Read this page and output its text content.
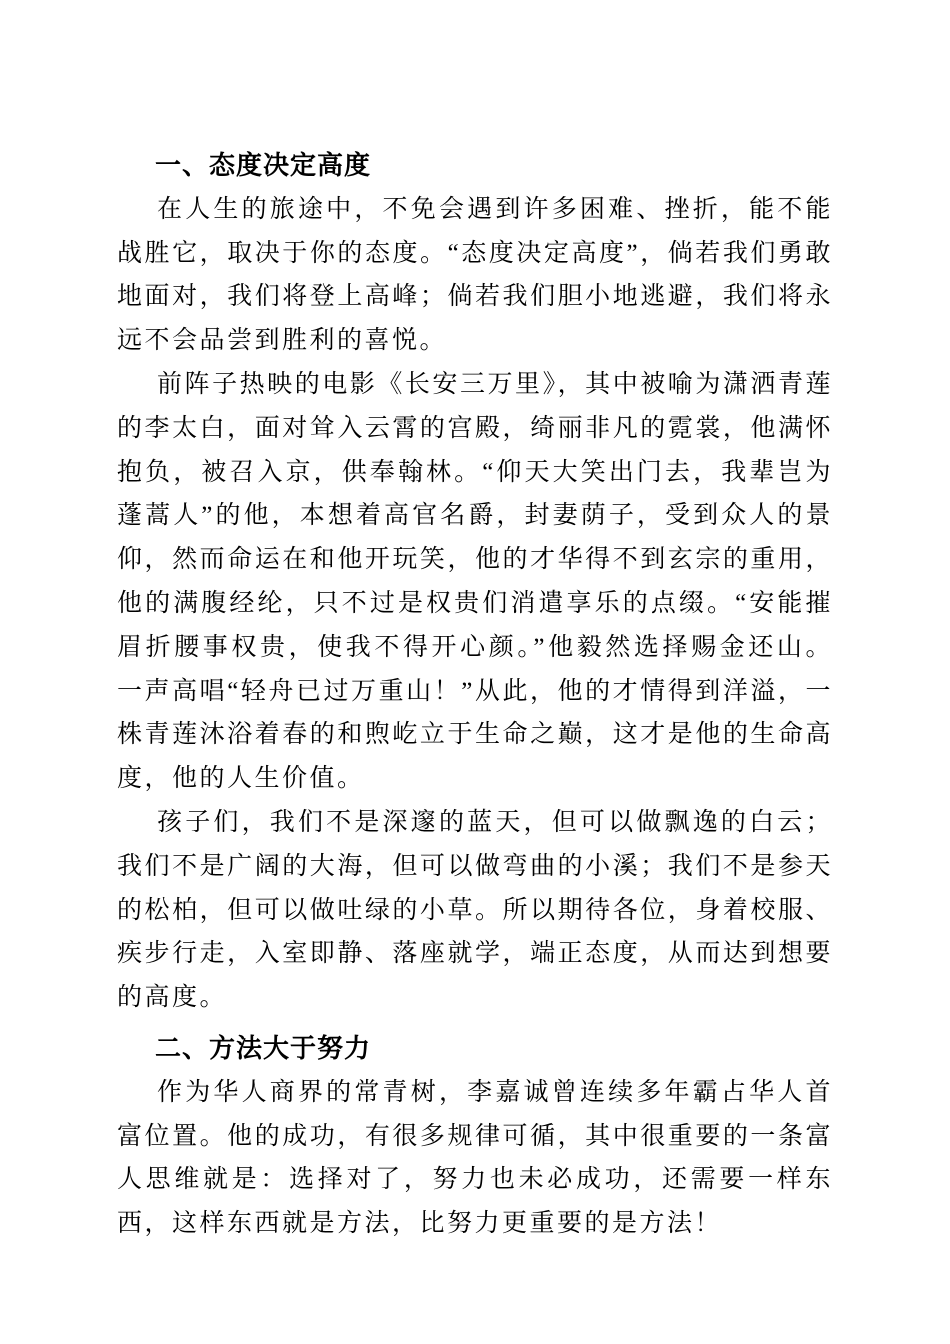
一、态度决定高度

在人生的旅途中，不免会遇到许多困难、挫折，能不能战胜它，取决于你的态度。“态度决定高度”，倘若我们勇敢地面对，我们将登上高峰；倘若我们胆小地逃避，我们将永远不会品尝到胜利的喜悦。

前阵子热映的电影《长安三万里》，其中被喻为潇洒青莲的李太白，面对耸入云霄的宫殿，绮丽非凡的霓裳，他满怀抱负，被召入京，供奉翰林。“仰天大笑出门去，我辈岂为蓬蒿人”的他，本想着高官名爵，封妻荫子，受到众人的景仰，然而命运在和他开玩笑，他的才华得不到玄宗的重用，他的满腹经纶，只不过是权贵们消遣享乐的点缀。“安能摧眉折腰事权贵，使我不得开心颜。”他毅然选择赐金还山。一声高唱“轻舟已过万重山！”从此，他的才情得到洋溢，一株青莲沐浴着春的和煦屹立于生命之巅，这才是他的生命高度，他的人生价值。

孩子们，我们不是深邃的蓝天，但可以做飘逸的白云；我们不是广阔的大海，但可以做弯曲的小溪；我们不是参天的松柏，但可以做吐绿的小草。所以期待各位，身着校服、疾步行走，入室即静、落座就学，端正态度，从而达到想要的高度。

二、方法大于努力

作为华人商界的常青树，李嘉诚曾连续多年霸占华人首富位置。他的成功，有很多规律可循，其中很重要的一条富人思维就是：选择对了，努力也未必成功，还需要一样东西，这样东西就是方法，比努力更重要的是方法！
